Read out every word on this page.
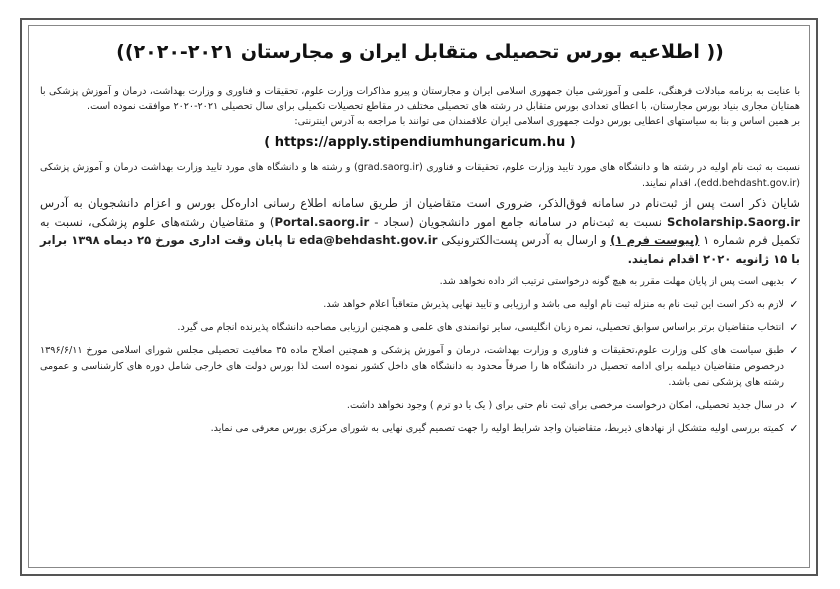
(( اطلاعیه بورس تحصیلی متقابل ایران و مجارستان ۲۰۲۱-۲۰۲۰))

با عنایت به برنامه مبادلات فرهنگی، علمی و آموزشی میان جمهوری اسلامی ایران و مجارستان و پیرو مذاکرات وزارت علوم، تحقیقات و فناوری و وزارت بهداشت، درمان و آموزش پزشکی با همتایان مجاری بنیاد بورس مجارستان، با اعطای تعدادی بورس متقابل در رشته های تحصیلی مختلف در مقاطع تحصیلات تکمیلی برای سال تحصیلی ۲۰۲۱-۲۰۲۰ موافقت نموده است.

بر همین اساس و بنا به سیاستهای اعطایی بورس دولت جمهوری اسلامی ایران علاقمندان می توانند با مراجعه به آدرس اینترنتی:

( https://apply.stipendiumhungaricum.hu )

نسبت به ثبت نام اولیه در رشته ها و دانشگاه های مورد تایید وزارت علوم، تحقیقات و فناوری (grad.saorg.ir) و رشته ها و دانشگاه های مورد تایید وزارت بهداشت درمان و آموزش پزشکی (edd.behdasht.gov.ir)، اقدام نمایند.

شایان ذکر است پس از ثبت‌نام در سامانه فوق‌الذکر، ضروری است متقاضیان از طریق سامانه اطلاع رسانی اداره‌کل بورس و اعزام دانشجویان به آدرس Scholarship.Saorg.ir نسبت به ثبت‌نام در سامانه جامع امور دانشجویان (سجاد - Portal.saorg.ir) و متقاضیان رشته‌های علوم پزشکی، نسبت به تکمیل فرم شماره ۱ (پیوست فرم ۱) و ارسال به آدرس پست‌الکترونیکی eda@behdasht.gov.ir تا پایان وقت اداری مورخ ۲۵ دیماه ۱۳۹۸ برابر با ۱۵ ژانویه ۲۰۲۰ اقدام نمایند.

✓
بدیهی است پس از پایان مهلت مقرر به هیچ گونه درخواستی ترتیب اثر داده نخواهد شد.
✓
لازم به ذکر است این ثبت نام به منزله ثبت نام اولیه می باشد و ارزیابی و تایید نهایی پذیرش متعاقباً اعلام خواهد شد.
✓
انتخاب متقاضیان برتر براساس سوابق تحصیلی، نمره زبان انگلیسی، سایر توانمندی های علمی و همچنین ارزیابی مصاحبه دانشگاه پذیرنده انجام می گیرد.
✓
طبق سیاست های کلی وزارت علوم،تحقیقات و فناوری و وزارت بهداشت، درمان و آموزش پزشکی و همچنین اصلاح ماده ۳۵ معافیت تحصیلی مجلس شورای اسلامی مورخ ۱۳۹۶/۶/۱۱ درخصوص متقاضیان دیپلمه برای ادامه تحصیل در دانشگاه ها را صرفاً محدود به دانشگاه های داخل کشور نموده است لذا بورس دولت های خارجی شامل دوره های کارشناسی و عمومی رشته های پزشکی نمی باشد.
✓
در سال جدید تحصیلی، امکان درخواست مرخصی برای ثبت نام حتی برای ( یک یا دو ترم ) وجود نخواهد داشت.
✓
کمیته بررسی اولیه متشکل از نهادهای ذیربط، متقاضیان واجد شرایط اولیه را جهت تصمیم گیری نهایی به شورای مرکزی بورس معرفی می نماید.
